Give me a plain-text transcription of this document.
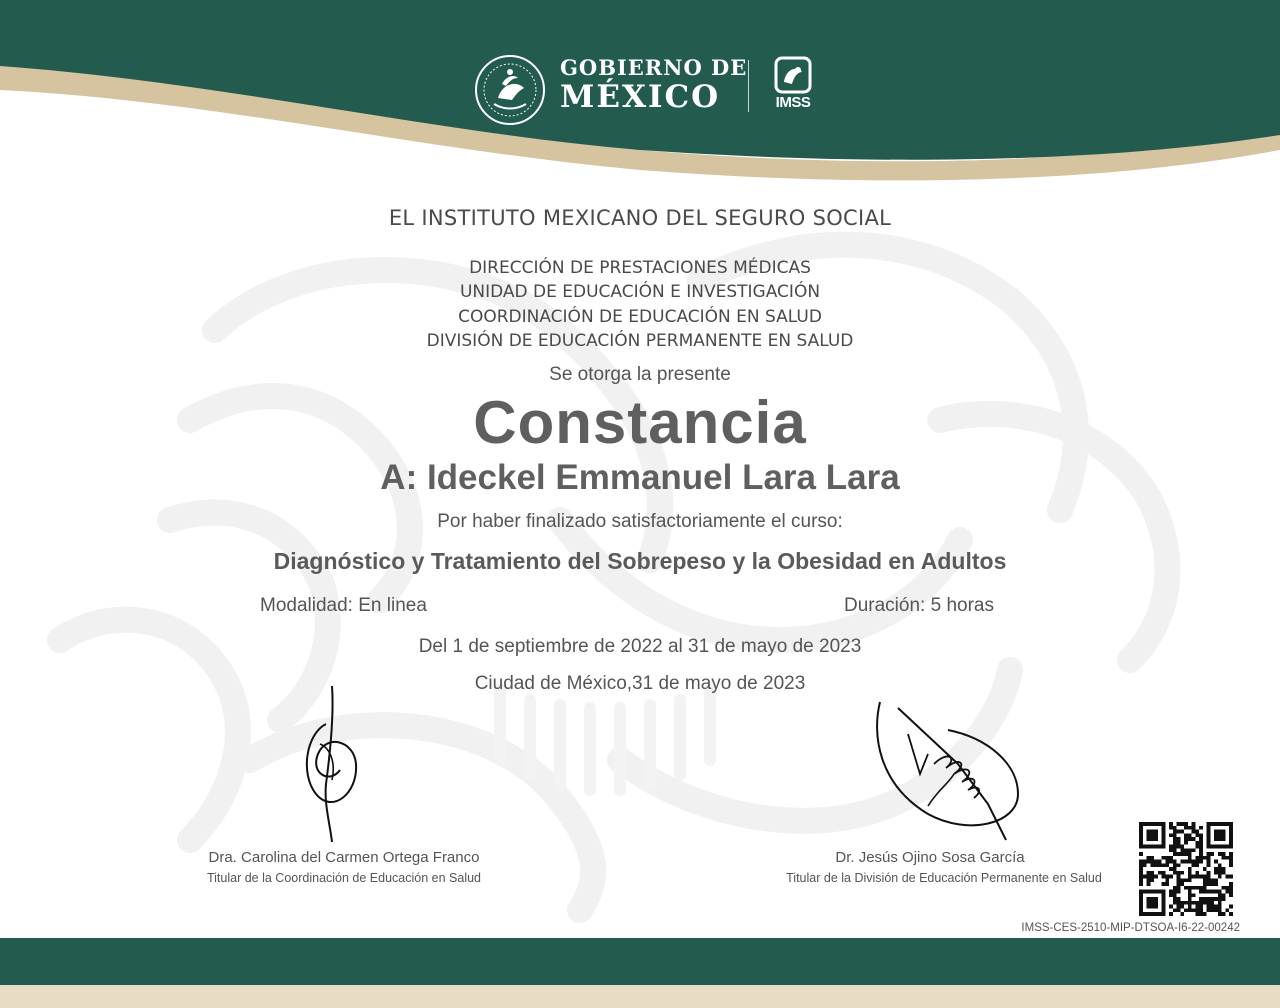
GOBIERNO DE
MÉXICO	IMSS
EL INSTITUTO MEXICANO DEL SEGURO SOCIAL
DIRECCIÓN DE PRESTACIONES MÉDICAS
UNIDAD DE EDUCACIÓN E INVESTIGACIÓN
COORDINACIÓN DE EDUCACIÓN EN SALUD
DIVISIÓN DE EDUCACIÓN PERMANENTE EN SALUD
Se otorga la presente
Constancia
A: Ideckel Emmanuel Lara Lara
Por haber finalizado satisfactoriamente el curso:
Diagnóstico y Tratamiento del Sobrepeso y la Obesidad en Adultos
Modalidad: En linea	Duración: 5 horas
Del 1 de septiembre de 2022 al 31 de mayo de 2023
Ciudad de México,31 de mayo de 2023
Dra. Carolina del Carmen Ortega Franco
Titular de la Coordinación de Educación en Salud
Dr. Jesús Ojino Sosa García
Titular de la División de Educación Permanente en Salud
IMSS-CES-2510-MIP-DTSOA-I6-22-00242
